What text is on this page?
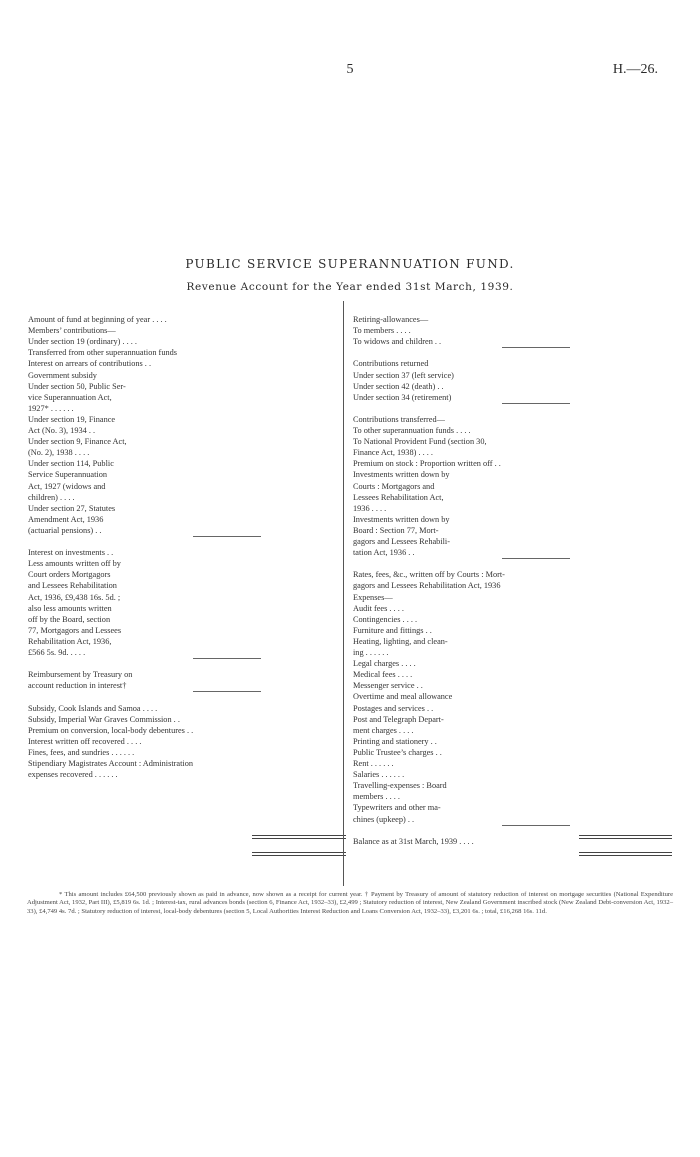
5	H.—26.
PUBLIC SERVICE SUPERANNUATION FUND.
Revenue Account for the Year ended 31st March, 1939.
Amount of fund at beginning of year . . . .
Members’ contributions—
Under section 19 (ordinary) . . . .
Transferred from other superannuation funds
Interest on arrears of contributions . .
Government subsidy
Under section 50, Public Ser-
vice Superannuation Act,
1927* . . . . . .
Under section 19, Finance
Act (No. 3), 1934 . .
Under section 9, Finance Act,
(No. 2), 1938 . . . .
Under section 114, Public
Service Superannuation
Act, 1927 (widows and
children) . . . .
Under section 27, Statutes
Amendment Act, 1936
(actuarial pensions) . .
Interest on investments . .
Less amounts written off by
Court orders Mortgagors
and Lessees Rehabilitation
Act, 1936, £9,438 16s. 5d. ;
also less amounts written
off by the Board, section
77, Mortgagors and Lessees
Rehabilitation Act, 1936,
£566 5s. 9d. . . . .
Reimbursement by Treasury on
account reduction in interest†
Subsidy, Cook Islands and Samoa . . . .
Subsidy, Imperial War Graves Commission . .
Premium on conversion, local-body debentures . .
Interest written off recovered . . . .
Fines, fees, and sundries . . . . . .
Stipendiary Magistrates Account : Administration
expenses recovered . . . . . .
Retiring-allowances—
To members . . . .
To widows and children . .
Contributions returned
Under section 37 (left service)
Under section 42 (death) . .
Under section 34 (retirement)
Contributions transferred—
To other superannuation funds . . . .
To National Provident Fund (section 30,
Finance Act, 1938) . . . .
Premium on stock : Proportion written off . .
Investments written down by
Courts : Mortgagors and
Lessees Rehabilitation Act,
1936 . . . .
Investments written down by
Board : Section 77, Mort-
gagors and Lessees Rehabili-
tation Act, 1936 . .
Rates, fees, &c., written off by Courts : Mort-
gagors and Lessees Rehabilitation Act, 1936
Expenses—
Audit fees . . . .
Contingencies . . . .
Furniture and fittings . .
Heating, lighting, and clean-
ing . . . . . .
Legal charges . . . .
Medical fees . . . .
Messenger service . .
Overtime and meal allowance
Postages and services . .
Post and Telegraph Depart-
ment charges . . . .
Printing and stationery . .
Public Trustee’s charges . .
Rent . . . . . .
Salaries . . . . . .
Travelling-expenses : Board
members . . . .
Typewriters and other ma-
chines (upkeep) . .
Balance as at 31st March, 1939 . . . .

* This amount includes £64,500 previously shown as paid in advance, now shown as a receipt for current year. † Payment by Treasury of amount of statutory reduction of interest on mortgage securities (National Expenditure Adjustment Act, 1932, Part III), £5,819 6s. 1d. ; Interest-tax, rural advances bonds (section 6, Finance Act, 1932–33), £2,499 ; Statutory reduction of interest, New Zealand Government inscribed stock (New Zealand Debt-conversion Act, 1932–33), £4,749 4s. 7d. ; Statutory reduction of interest, local-body debentures (section 5, Local Authorities Interest Reduction and Loans Conversion Act, 1932–33), £3,201 6s. ; total, £16,268 16s. 11d.
